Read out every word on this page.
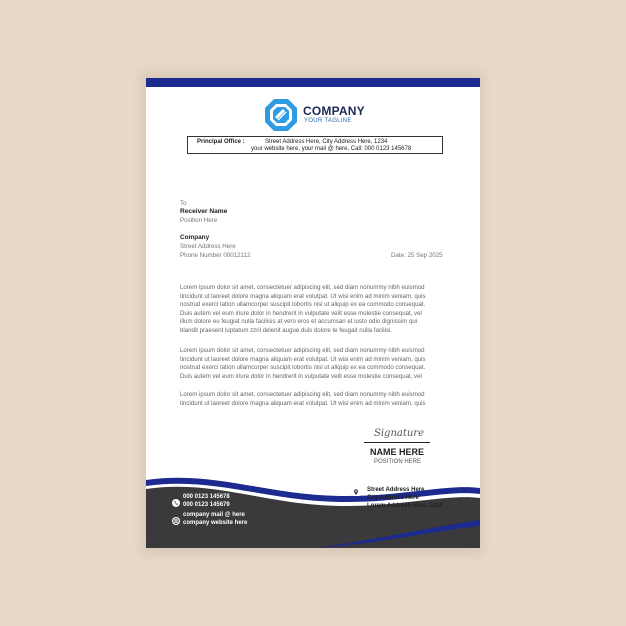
COMPANY
YOUR TAGLINE
Principal Office :	Street Address Here, City Address Here, 1234
your website here, your mail @ here, Call: 000 0123 145678
To
Receiver Name
Position Here
Company
Street Address Here
Phone Number 00012112	Date: 25 Sep 2025
Lorem ipsum dolor sit amet, consectetuer adipiscing elit, sed diam nonummy nibh euismod
tincidunt ut laoreet dolore magna aliquam erat volutpat. Ut wisi enim ad minim veniam, quis
nostrud exerci tation ullamcorper suscipit lobortis nisl ut aliquip ex ea commodo consequat.
Duis autem vel eum iriure dolor in hendrerit in vulputate velit esse molestie consequat, vel
illum dolore eu feugiat nulla facilisis at vero eros et accumsan et iusto odio dignissim qui
blandit praesent luptatum zzril delenit augue duis dolore te feugait nulla facilisi.
Lorem ipsum dolor sit amet, consectetuer adipiscing elit, sed diam nonummy nibh euismod
tincidunt ut laoreet dolore magna aliquam erat volutpat. Ut wisi enim ad minim veniam, quis
nostrud exerci tation ullamcorper suscipit lobortis nisl ut aliquip ex ea commodo consequat.
Duis autem vel eum iriure dolor in hendrerit in vulputate velit esse molestie consequat, vel
Lorem ipsum dolor sit amet, consectetuer adipiscing elit, sed diam nonummy nibh euismod
tincidunt ut laoreet dolore magna aliquam erat volutpat. Ut wisi enim ad minim veniam, quis
Signature
NAME HERE
POSITION HERE
000 0123 145678
000 0123 145679
company mail @ here
company website here
Street Address Here
City Address Here
Lorem Address Here, 1234
